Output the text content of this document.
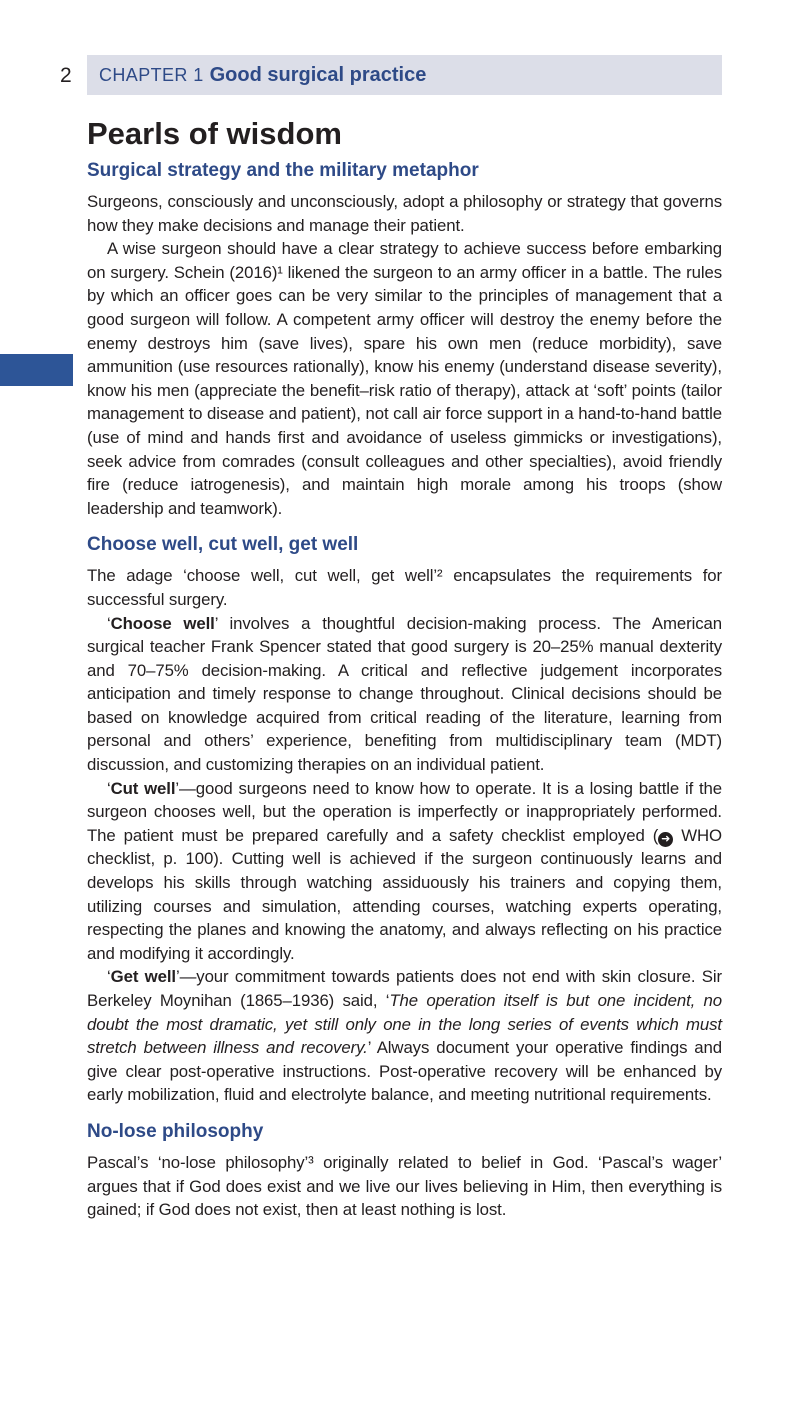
2 CHAPTER 1 Good surgical practice
Pearls of wisdom
Surgical strategy and the military metaphor

Surgeons, consciously and unconsciously, adopt a philosophy or strategy that governs how they make decisions and manage their patient.

A wise surgeon should have a clear strategy to achieve success before embarking on surgery. Schein (2016)¹ likened the surgeon to an army officer in a battle. The rules by which an officer goes can be very similar to the principles of management that a good surgeon will follow. A competent army officer will destroy the enemy before the enemy destroys him (save lives), spare his own men (reduce morbidity), save ammunition (use resources rationally), know his enemy (understand disease severity), know his men (appreciate the benefit–risk ratio of therapy), attack at ‘soft’ points (tailor management to disease and patient), not call air force support in a hand-to-hand battle (use of mind and hands first and avoidance of useless gimmicks or investigations), seek advice from comrades (consult colleagues and other specialties), avoid friendly fire (reduce iatrogenesis), and maintain high morale among his troops (show leadership and teamwork).

Choose well, cut well, get well

The adage ‘choose well, cut well, get well’² encapsulates the requirements for successful surgery.

‘Choose well’ involves a thoughtful decision-making process. The American surgical teacher Frank Spencer stated that good surgery is 20–25% manual dexterity and 70–75% decision-making. A critical and reflective judgement incorporates anticipation and timely response to change throughout. Clinical decisions should be based on knowledge acquired from critical reading of the literature, learning from personal and others’ experience, benefiting from multidisciplinary team (MDT) discussion, and customizing therapies on an individual patient.

‘Cut well’—good surgeons need to know how to operate. It is a losing battle if the surgeon chooses well, but the operation is imperfectly or inappropriately performed. The patient must be prepared carefully and a safety checklist employed ( ➜ WHO checklist, p. 100). Cutting well is achieved if the surgeon continuously learns and develops his skills through watching assiduously his trainers and copying them, utilizing courses and simulation, attending courses, watching experts operating, respecting the planes and knowing the anatomy, and always reflecting on his practice and modifying it accordingly.

‘Get well’—your commitment towards patients does not end with skin closure. Sir Berkeley Moynihan (1865–1936) said, ‘The operation itself is but one incident, no doubt the most dramatic, yet still only one in the long series of events which must stretch between illness and recovery.’ Always document your operative findings and give clear post-operative instructions. Post-operative recovery will be enhanced by early mobilization, fluid and electrolyte balance, and meeting nutritional requirements.

No-lose philosophy

Pascal’s ‘no-lose philosophy’³ originally related to belief in God. ‘Pascal’s wager’ argues that if God does exist and we live our lives believing in Him, then everything is gained; if God does not exist, then at least nothing is lost.
